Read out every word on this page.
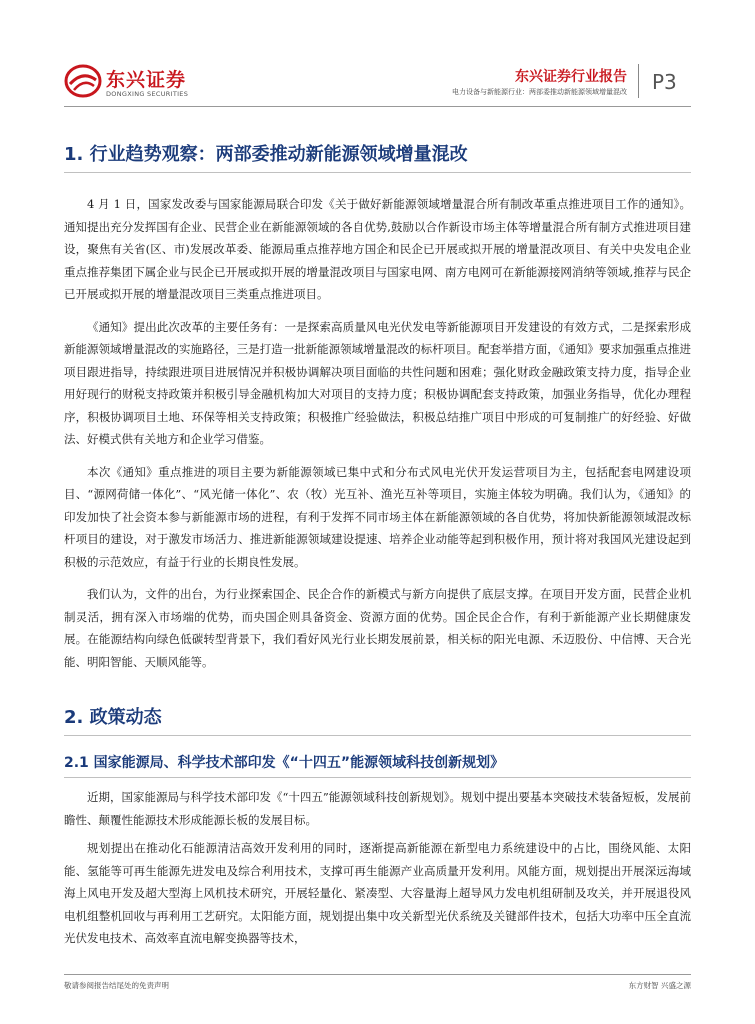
东兴证券
DONGXING SECURITIES
东兴证券行业报告
电力设备与新能源行业：两部委推动新能源领域增量混改 P3
1. 行业趋势观察：两部委推动新能源领域增量混改

4 月 1 日，国家发改委与国家能源局联合印发《关于做好新能源领域增量混合所有制改革重点推进项目工作的通知》。通知提出充分发挥国有企业、民营企业在新能源领域的各自优势,鼓励以合作新设市场主体等增量混合所有制方式推进项目建设，聚焦有关省(区、市)发展改革委、能源局重点推荐地方国企和民企已开展或拟开展的增量混改项目、有关中央发电企业重点推荐集团下属企业与民企已开展或拟开展的增量混改项目与国家电网、南方电网可在新能源接网消纳等领域,推荐与民企已开展或拟开展的增量混改项目三类重点推进项目。

《通知》提出此次改革的主要任务有：一是探索高质量风电光伏发电等新能源项目开发建设的有效方式，二是探索形成新能源领域增量混改的实施路径，三是打造一批新能源领域增量混改的标杆项目。配套举措方面，《通知》要求加强重点推进项目跟进指导，持续跟进项目进展情况并积极协调解决项目面临的共性问题和困难；强化财政金融政策支持力度，指导企业用好现行的财税支持政策并积极引导金融机构加大对项目的支持力度；积极协调配套支持政策，加强业务指导，优化办理程序，积极协调项目土地、环保等相关支持政策；积极推广经验做法，积极总结推广项目中形成的可复制推广的好经验、好做法、好模式供有关地方和企业学习借鉴。

本次《通知》重点推进的项目主要为新能源领域已集中式和分布式风电光伏开发运营项目为主，包括配套电网建设项目、“源网荷储一体化”、“风光储一体化”、农（牧）光互补、渔光互补等项目，实施主体较为明确。我们认为，《通知》的印发加快了社会资本参与新能源市场的进程，有利于发挥不同市场主体在新能源领域的各自优势，将加快新能源领域混改标杆项目的建设，对于激发市场活力、推进新能源领域建设提速、培养企业动能等起到积极作用，预计将对我国风光建设起到积极的示范效应，有益于行业的长期良性发展。

我们认为，文件的出台，为行业探索国企、民企合作的新模式与新方向提供了底层支撑。在项目开发方面，民营企业机制灵活，拥有深入市场端的优势，而央国企则具备资金、资源方面的优势。国企民企合作，有利于新能源产业长期健康发展。在能源结构向绿色低碳转型背景下，我们看好风光行业长期发展前景，相关标的阳光电源、禾迈股份、中信博、天合光能、明阳智能、天顺风能等。

2. 政策动态
2.1 国家能源局、科学技术部印发《“十四五”能源领域科技创新规划》

近期，国家能源局与科学技术部印发《“十四五”能源领域科技创新规划》。规划中提出要基本突破技术装备短板，发展前瞻性、颠覆性能源技术形成能源长板的发展目标。

规划提出在推动化石能源清洁高效开发利用的同时，逐渐提高新能源在新型电力系统建设中的占比，围绕风能、太阳能、氢能等可再生能源先进发电及综合利用技术，支撑可再生能源产业高质量开发利用。风能方面，规划提出开展深远海域海上风电开发及超大型海上风机技术研究，开展轻量化、紧凑型、大容量海上超导风力发电机组研制及攻关，并开展退役风电机组整机回收与再利用工艺研究。太阳能方面，规划提出集中攻关新型光伏系统及关键部件技术，包括大功率中压全直流光伏发电技术、高效率直流电解变换器等技术，

敬请参阅报告结尾处的免责声明	东方财智 兴盛之源
